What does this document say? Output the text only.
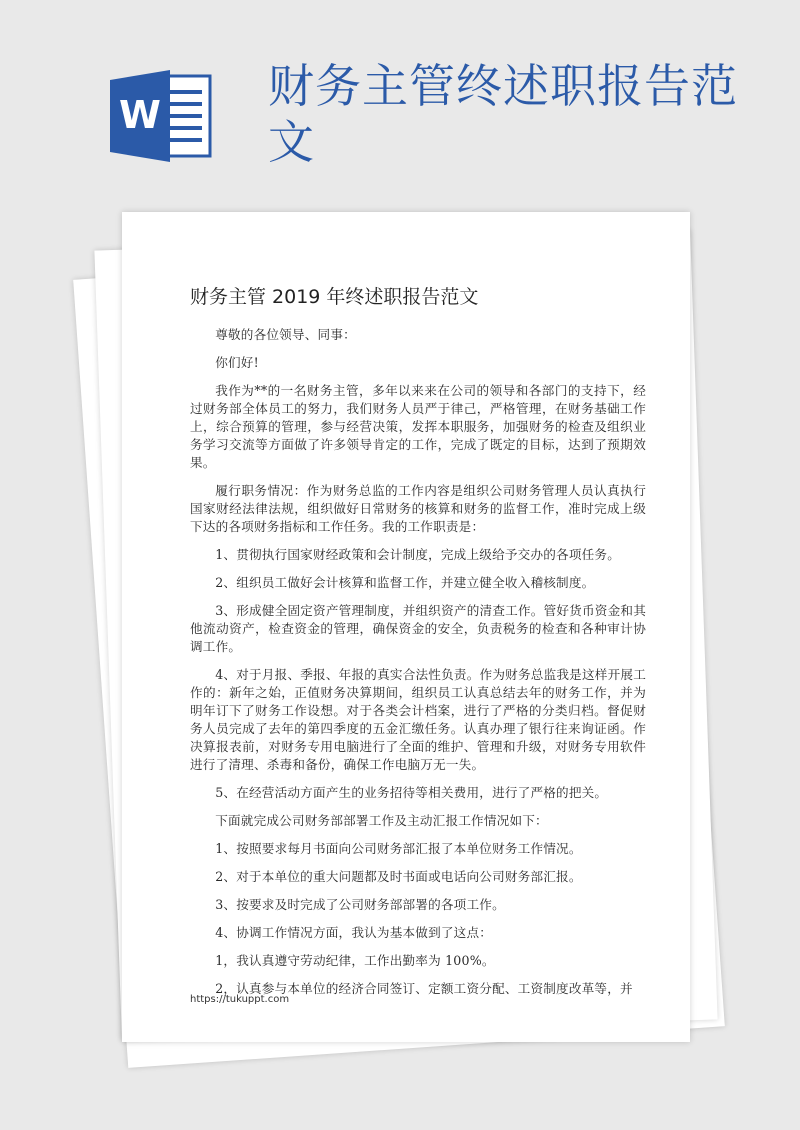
W
财务主管终述职报告范文
财务主管 2019 年终述职报告范文

尊敬的各位领导、同事：

你们好!

我作为**的一名财务主管，多年以来来在公司的领导和各部门的支持下，经过财务部全体员工的努力，我们财务人员严于律己，严格管理，在财务基础工作上，综合预算的管理，参与经营决策，发挥本职服务，加强财务的检查及组织业务学习交流等方面做了许多领导肯定的工作，完成了既定的目标，达到了预期效果。

履行职务情况：作为财务总监的工作内容是组织公司财务管理人员认真执行国家财经法律法规，组织做好日常财务的核算和财务的监督工作，准时完成上级下达的各项财务指标和工作任务。我的工作职责是：

1、贯彻执行国家财经政策和会计制度，完成上级给予交办的各项任务。

2、组织员工做好会计核算和监督工作，并建立健全收入稽核制度。

3、形成健全固定资产管理制度，并组织资产的清查工作。管好货币资金和其他流动资产，检查资金的管理，确保资金的安全，负责税务的检查和各种审计协调工作。

4、对于月报、季报、年报的真实合法性负责。作为财务总监我是这样开展工作的：新年之始，正值财务决算期间，组织员工认真总结去年的财务工作，并为明年订下了财务工作设想。对于各类会计档案，进行了严格的分类归档。督促财务人员完成了去年的第四季度的五金汇缴任务。认真办理了银行往来询证函。作决算报表前，对财务专用电脑进行了全面的维护、管理和升级，对财务专用软件进行了清理、杀毒和备份，确保工作电脑万无一失。

5、在经营活动方面产生的业务招待等相关费用，进行了严格的把关。

下面就完成公司财务部部署工作及主动汇报工作情况如下：

1、按照要求每月书面向公司财务部汇报了本单位财务工作情况。

2、对于本单位的重大问题都及时书面或电话向公司财务部汇报。

3、按要求及时完成了公司财务部部署的各项工作。

4、协调工作情况方面，我认为基本做到了这点：

1，我认真遵守劳动纪律，工作出勤率为 100%。

2，认真参与本单位的经济合同签订、定额工资分配、工资制度改革等，并

https://tukuppt.com
